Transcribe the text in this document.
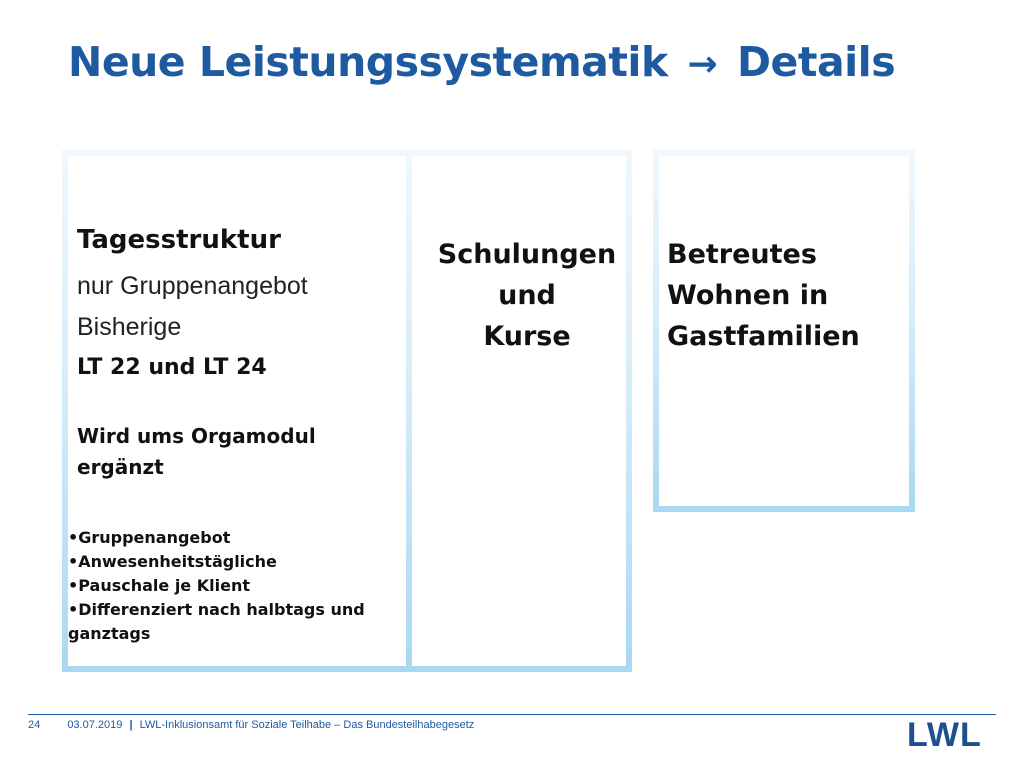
Neue Leistungssystematik → Details
Tagesstruktur
nur Gruppenangebot
Bisherige
LT 22 und LT 24
Wird ums Orgamodul ergänzt
•Gruppenangebot
•Anwesenheitstägliche
•Pauschale je Klient
•Differenziert nach halbtags und ganztags
Schulungen
und
Kurse
Betreutes
Wohnen in
Gastfamilien
24 03.07.2019 | LWL-Inklusionsamt für Soziale Teilhabe – Das Bundesteilhabegesetz	LWL
